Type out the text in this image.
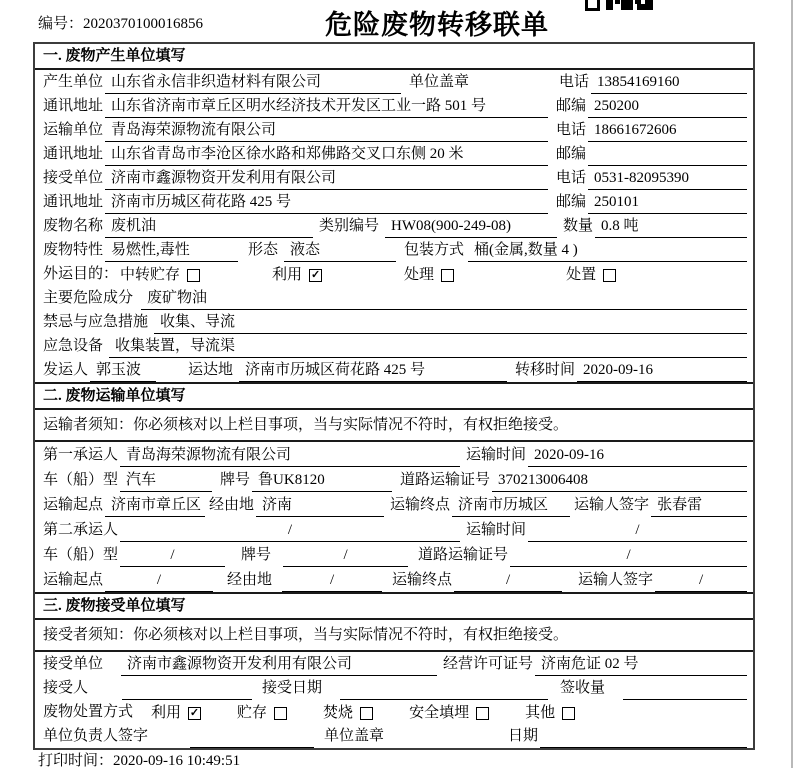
编号：2020370100016856	危险废物转移联单
一. 废物产生单位填写
产生单位 山东省永信非织造材料有限公司	单位盖章	电话 13854169160
通讯地址 山东省济南市章丘区明水经济技术开发区工业一路 501 号	邮编 250200
运输单位 青岛海荣源物流有限公司	电话 18661672606
通讯地址 山东省青岛市李沧区徐水路和郑佛路交叉口东侧 20 米	邮编
接受单位 济南市鑫源物资开发利用有限公司	电话 0531-82095390
通讯地址 济南市历城区荷花路 425 号	邮编 250101
废物名称 废机油	类别编号 HW08(900-249-08)	数量 0.8 吨
废物特性 易燃性,毒性	形态 液态	包装方式 桶(金属,数量 4 )
外运目的： 中转贮存	利用 ✓	处理	处置
主要危险成分 废矿物油
禁忌与应急措施 收集、导流
应急设备 收集装置，导流渠
发运人 郭玉波	运达地 济南市历城区荷花路 425 号	转移时间 2020-09-16
二. 废物运输单位填写
运输者须知：你必须核对以上栏目事项，当与实际情况不符时，有权拒绝接受。
第一承运人 青岛海荣源物流有限公司	运输时间 2020-09-16
车（船）型 汽车	牌号 鲁UK8120	道路运输证号 370213006408
运输起点 济南市章丘区 经由地 济南	运输终点 济南市历城区	运输人签字 张春雷
第二承运人	/	运输时间	/
车（船）型	/	牌号	/	道路运输证号	/
运输起点	/	经由地	/	运输终点	/	运输人签字	/
三. 废物接受单位填写
接受者须知：你必须核对以上栏目事项，当与实际情况不符时，有权拒绝接受。
接受单位	济南市鑫源物资开发利用有限公司	经营许可证号 济南危证 02 号
接受人	接受日期	签收量
废物处置方式 利用 ✓	贮存	焚烧	安全填埋	其他
单位负责人签字	单位盖章	日期
打印时间：2020-09-16 10:49:51
